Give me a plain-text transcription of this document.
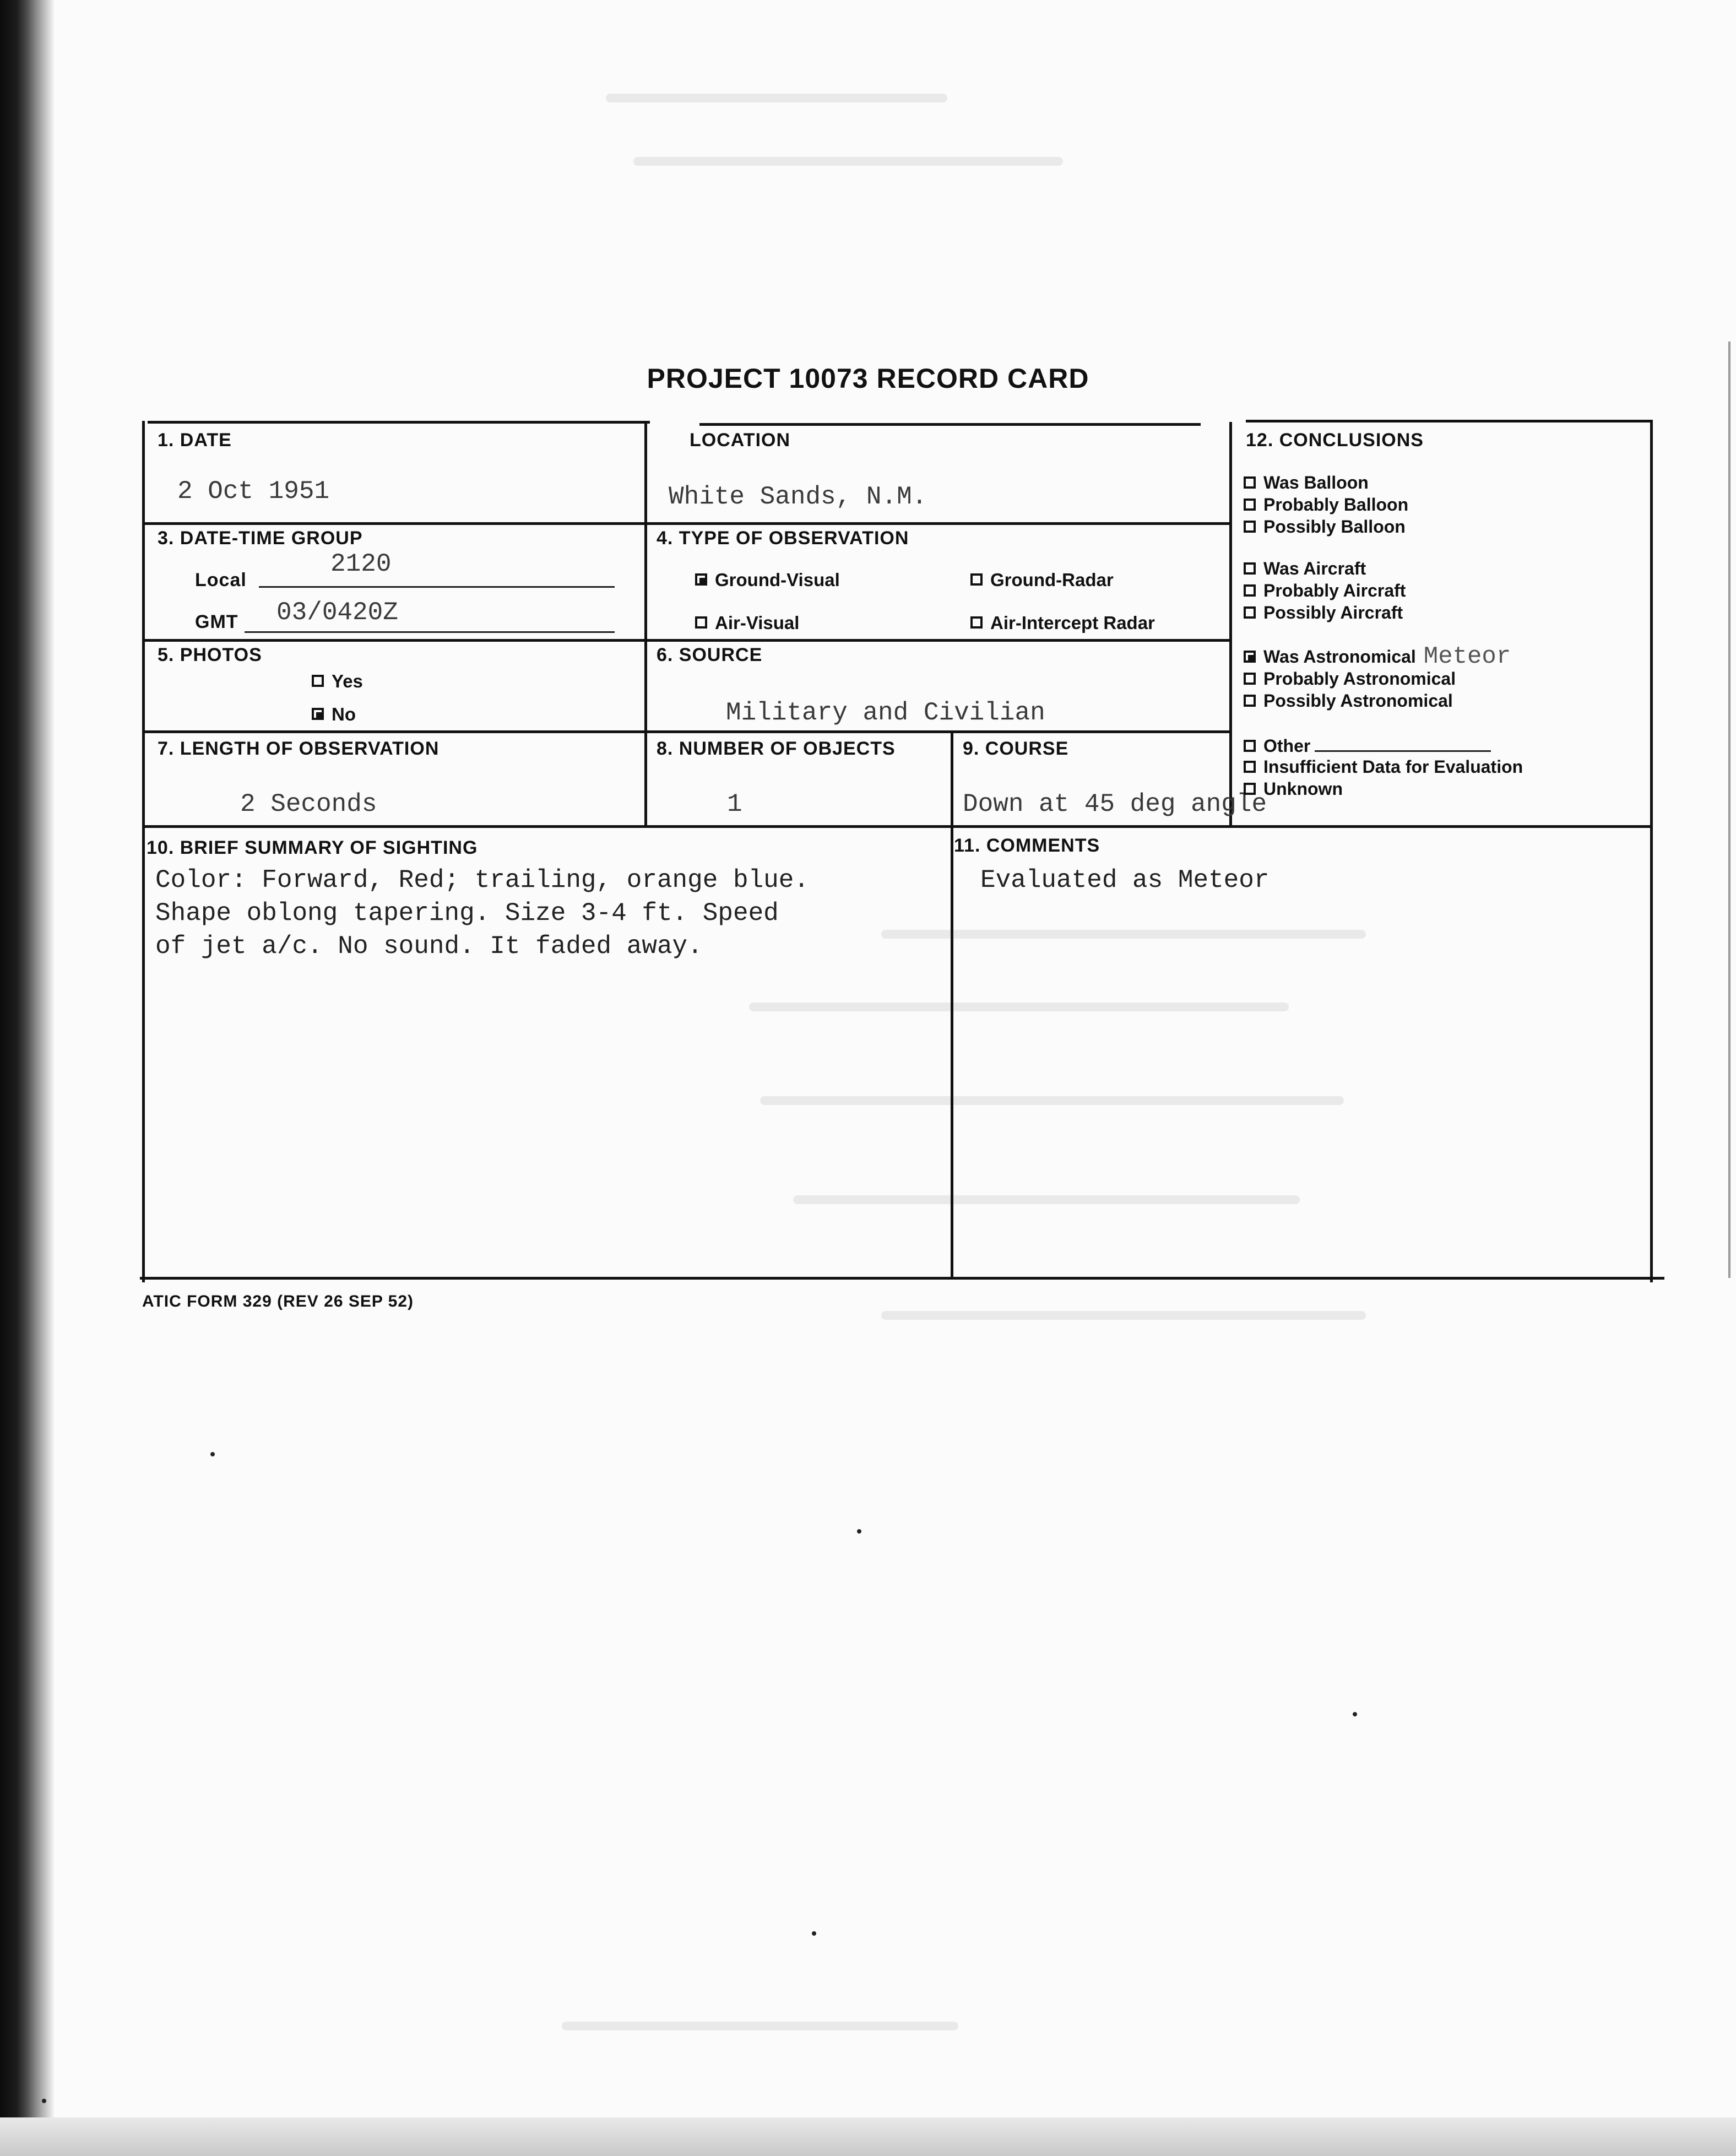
PROJECT 10073 RECORD CARD
1. DATE
2 Oct 1951
LOCATION
White Sands, N.M.
3. DATE-TIME GROUP
Local
2120
GMT 03/0420Z
4. TYPE OF OBSERVATION
Ground-Visual	Ground-Radar
Air-Visual	Air-Intercept Radar
5. PHOTOS
Yes
No
6. SOURCE
Military and Civilian
7. LENGTH OF OBSERVATION
2 Seconds
8. NUMBER OF OBJECTS
1
9. COURSE
Down at 45 deg angle
10. BRIEF SUMMARY OF SIGHTING
Color: Forward, Red; trailing, orange blue.
Shape oblong tapering. Size 3-4 ft. Speed
of jet a/c. No sound. It faded away.
11. COMMENTS
Evaluated as Meteor
12. CONCLUSIONS
Was Balloon
Probably Balloon
Possibly Balloon
Was Aircraft
Probably Aircraft
Possibly Aircraft
Was Astronomical Meteor
Probably Astronomical
Possibly Astronomical
Other
Insufficient Data for Evaluation
Unknown
ATIC FORM 329 (REV 26 SEP 52)
